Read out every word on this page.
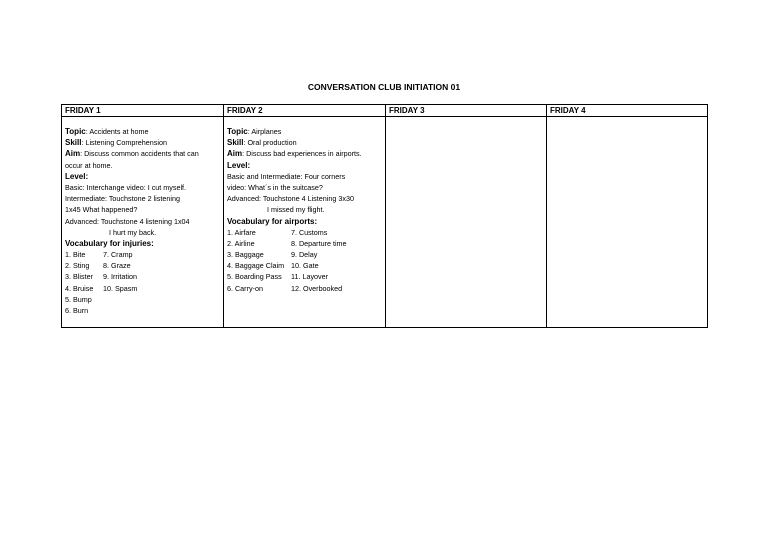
CONVERSATION CLUB INITIATION 01
FRIDAY 1
Topic: Accidents at home
Skill: Listening Comprehension
Aim: Discuss common accidents that can
occur at home.
Level:
Basic: Interchange video: I cut myself.
Intermediate: Touchstone 2 listening
1x45 What happened?
Advanced: Touchstone 4 listening 1x04
I hurt my back.
Vocabulary for injuries:
1. Bite
2. Sting
3. Blister
4. Bruise
5. Bump
6. Burn
7. Cramp
8. Graze
9. Irritation
10. Spasm
FRIDAY 2
Topic: Airplanes
Skill: Oral production
Aim: Discuss bad experiences in airports.
Level:
Basic and Intermediate: Four corners
video: What´s in the suitcase?
Advanced: Touchstone 4 Listening 3x30
I missed my flight.
Vocabulary for airports:
1. Airfare
2. Airline
3. Baggage
4. Baggage Claim
5. Boarding Pass
6. Carry-on
7. Customs
8. Departure time
9. Delay
10. Gate
11. Layover
12. Overbooked
FRIDAY 3	FRIDAY 4
